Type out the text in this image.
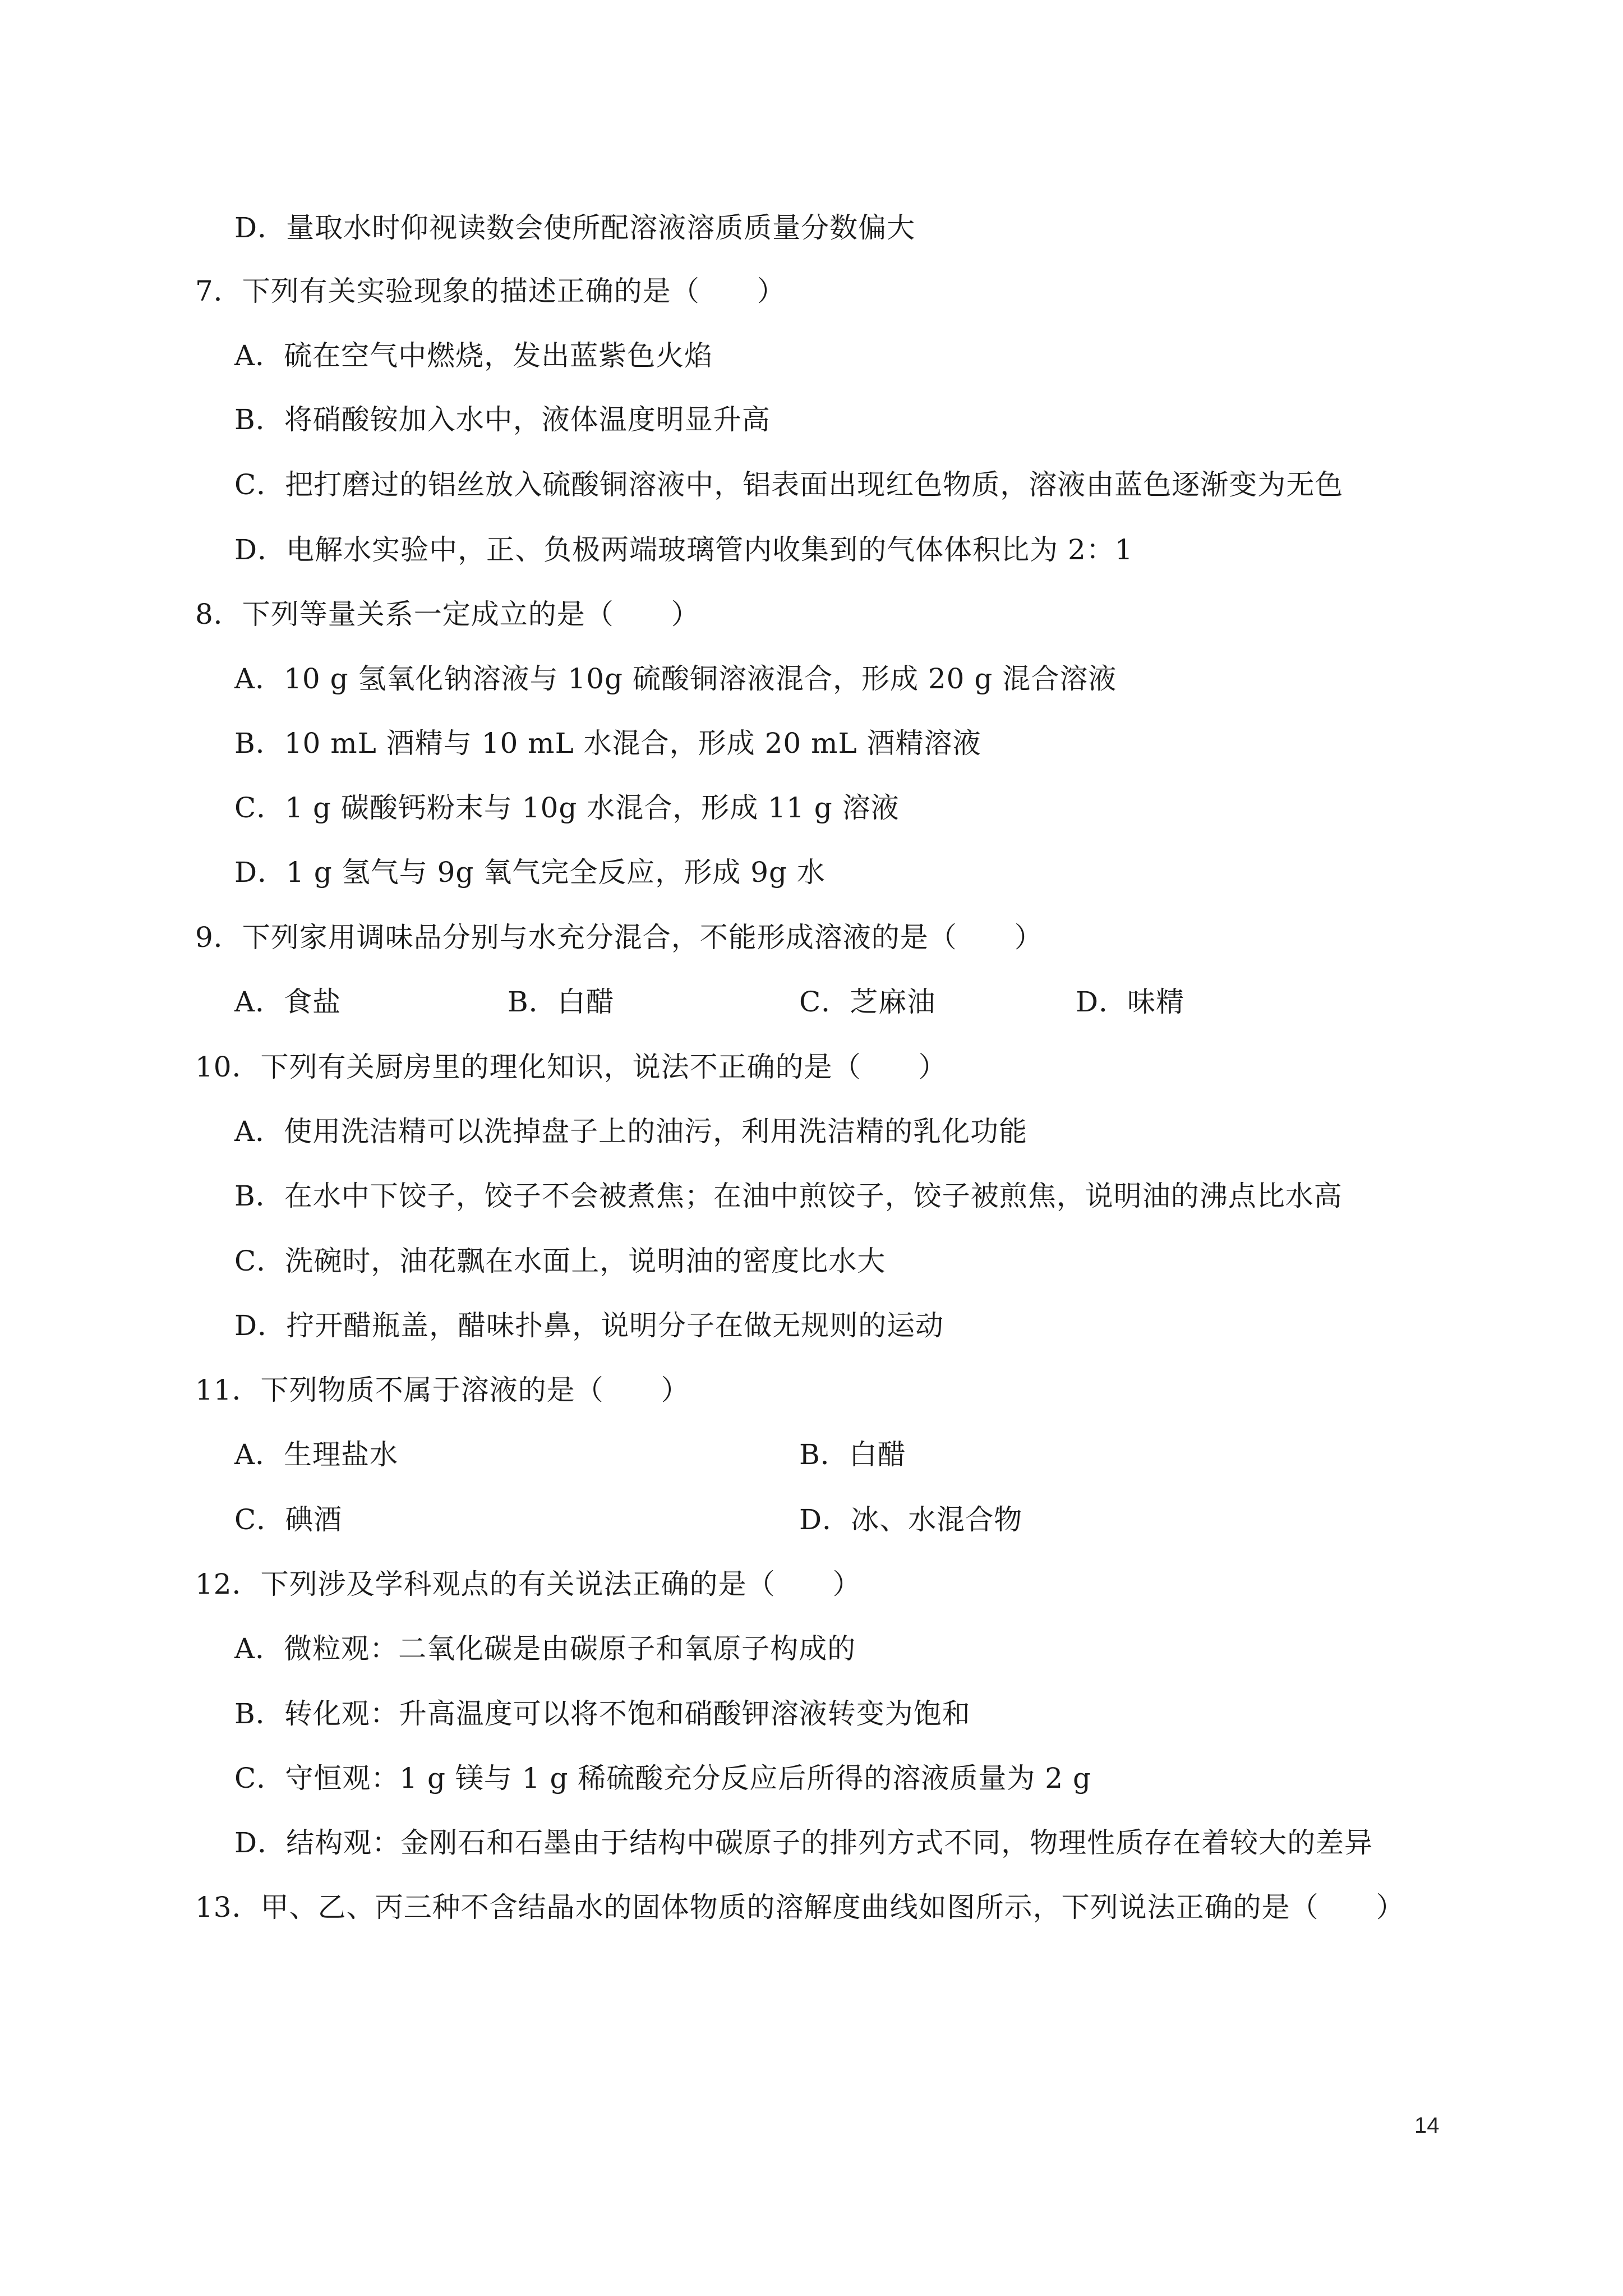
D．量取水时仰视读数会使所配溶液溶质质量分数偏大
7．下列有关实验现象的描述正确的是（　　）
A．硫在空气中燃烧，发出蓝紫色火焰
B．将硝酸铵加入水中，液体温度明显升高
C．把打磨过的铝丝放入硫酸铜溶液中，铝表面出现红色物质，溶液由蓝色逐渐变为无色
D．电解水实验中，正、负极两端玻璃管内收集到的气体体积比为 2：1
8．下列等量关系一定成立的是（　　）
A．10 g 氢氧化钠溶液与 10g 硫酸铜溶液混合，形成 20 g 混合溶液
B．10 mL 酒精与 10 mL 水混合，形成 20 mL 酒精溶液
C．1 g 碳酸钙粉末与 10g 水混合，形成 11 g 溶液
D．1 g 氢气与 9g 氧气完全反应，形成 9g 水
9．下列家用调味品分别与水充分混合，不能形成溶液的是（　　）
A．食盐	B．白醋	C．芝麻油	D．味精
10．下列有关厨房里的理化知识，说法不正确的是（　　）
A．使用洗洁精可以洗掉盘子上的油污，利用洗洁精的乳化功能
B．在水中下饺子，饺子不会被煮焦；在油中煎饺子，饺子被煎焦，说明油的沸点比水高
C．洗碗时，油花飘在水面上，说明油的密度比水大
D．拧开醋瓶盖，醋味扑鼻，说明分子在做无规则的运动
11．下列物质不属于溶液的是（　　）
A．生理盐水	B．白醋
C．碘酒	D．冰、水混合物
12．下列涉及学科观点的有关说法正确的是（　　）
A．微粒观：二氧化碳是由碳原子和氧原子构成的
B．转化观：升高温度可以将不饱和硝酸钾溶液转变为饱和
C．守恒观：1 g 镁与 1 g 稀硫酸充分反应后所得的溶液质量为 2 g
D．结构观：金刚石和石墨由于结构中碳原子的排列方式不同，物理性质存在着较大的差异
13．甲、乙、丙三种不含结晶水的固体物质的溶解度曲线如图所示，下列说法正确的是（　　）
14
